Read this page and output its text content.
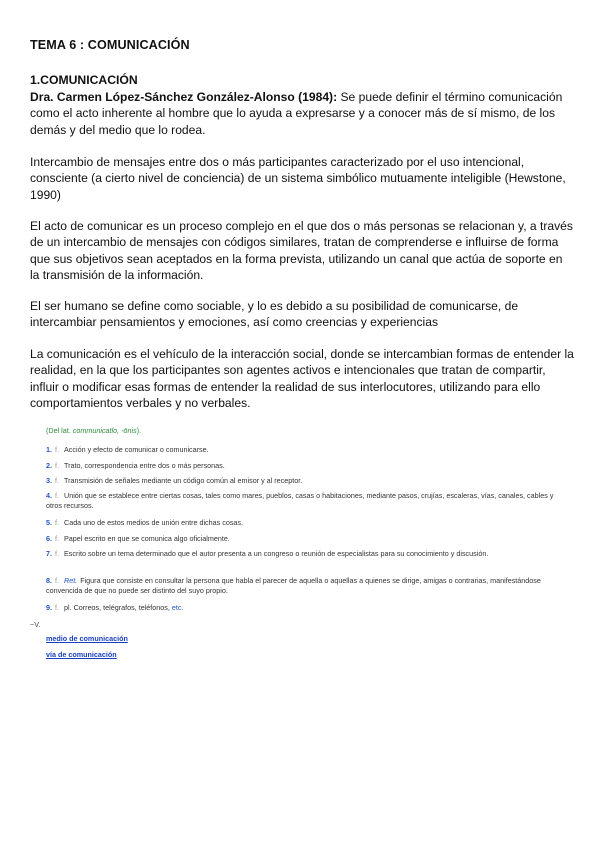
TEMA 6 : COMUNICACIÓN
1.COMUNICACIÓN

Dra. Carmen López-Sánchez González-Alonso (1984): Se puede definir el término comunicación como el acto inherente al hombre que lo ayuda a expresarse y a conocer más de sí mismo, de los demás y del medio que lo rodea.

Intercambio de mensajes entre dos o más participantes caracterizado por el uso intencional, consciente (a cierto nivel de conciencia) de un sistema simbólico mutuamente inteligible (Hewstone, 1990)

El acto de comunicar es un proceso complejo en el que dos o más personas se relacionan y, a través de un intercambio de mensajes con códigos similares, tratan de comprenderse e influirse de forma que sus objetivos sean aceptados en la forma prevista, utilizando un canal que actúa de soporte en la transmisión de la información.

El ser humano se define como sociable, y lo es debido a su posibilidad de comunicarse, de intercambiar pensamientos y emociones, así como creencias y experiencias

La comunicación es el vehículo de la interacción social, donde se intercambian formas de entender la realidad, en la que los participantes son agentes activos e intencionales que tratan de compartir, influir o modificar esas formas de entender la realidad de sus interlocutores, utilizando para ello comportamientos verbales y no verbales.

(Del lat. communicatĭo, -ōnis).
1. f. Acción y efecto de comunicar o comunicarse.
2. f. Trato, correspondencia entre dos o más personas.
3. f. Transmisión de señales mediante un código común al emisor y al receptor.
4. f. Unión que se establece entre ciertas cosas, tales como mares, pueblos, casas o habitaciones, mediante pasos, crujías, escaleras, vías, canales, cables y otros recursos.
5. f. Cada uno de estos medios de unión entre dichas cosas.
6. f. Papel escrito en que se comunica algo oficialmente.
7. f. Escrito sobre un tema determinado que el autor presenta a un congreso o reunión de especialistas para su conocimiento y discusión.
8. f. Ret. Figura que consiste en consultar la persona que habla el parecer de aquella o aquellas a quienes se dirige, amigas o contrarias, manifestándose convencida de que no puede ser distinto del suyo propio.
9. f. pl. Correos, telégrafos, teléfonos, etc.
~V.
medio de comunicación
vía de comunicación
